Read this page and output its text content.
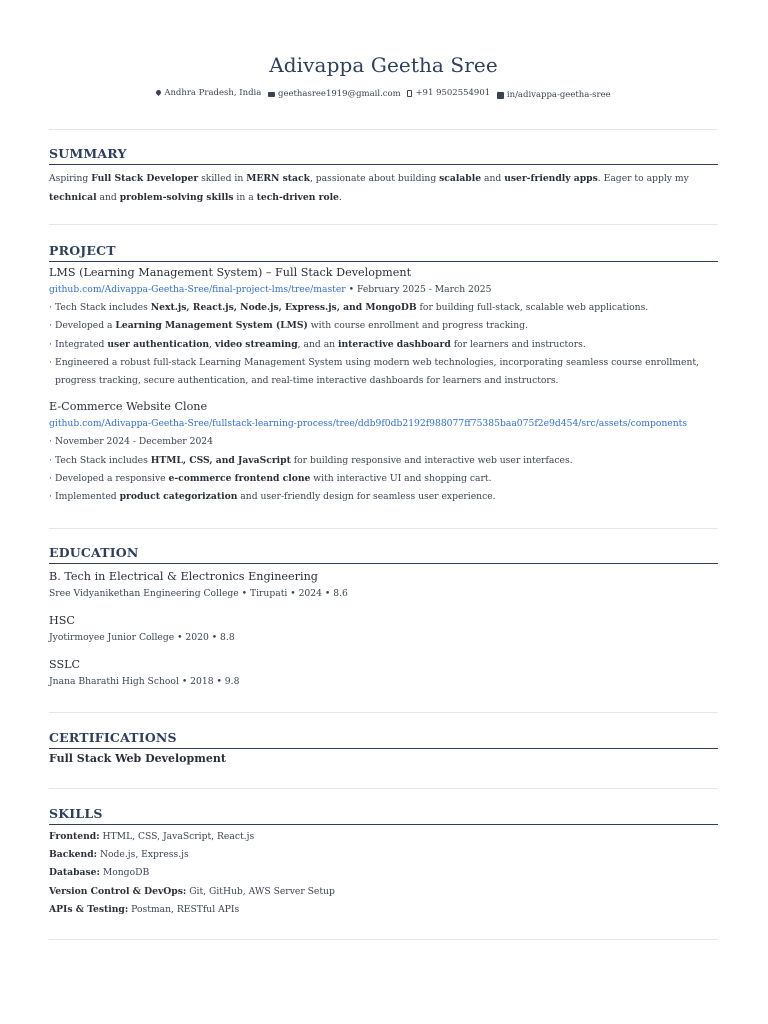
Adivappa Geetha Sree
Andhra Pradesh, India
geethasree1919@gmail.com
+91 9502554901
in in/adivappa-geetha-sree
SUMMARY
Aspiring Full Stack Developer skilled in MERN stack, passionate about building scalable and user-friendly apps. Eager to apply my technical and problem-solving skills in a tech-driven role.
PROJECT
LMS (Learning Management System) – Full Stack Development
github.com/Adivappa-Geetha-Sree/final-project-lms/tree/master • February 2025 - March 2025
· Tech Stack includes Next.js, React.js, Node.js, Express.js, and MongoDB for building full-stack, scalable web applications.
· Developed a Learning Management System (LMS) with course enrollment and progress tracking.
· Integrated user authentication, video streaming, and an interactive dashboard for learners and instructors.
· Engineered a robust full-stack Learning Management System using modern web technologies, incorporating seamless course enrollment,
progress tracking, secure authentication, and real-time interactive dashboards for learners and instructors.
E-Commerce Website Clone
github.com/Adivappa-Geetha-Sree/fullstack-learning-process/tree/ddb9f0db2192f988077ff75385baa075f2e9d454/src/assets/components
· November 2024 - December 2024
· Tech Stack includes HTML, CSS, and JavaScript for building responsive and interactive web user interfaces.
· Developed a responsive e-commerce frontend clone with interactive UI and shopping cart.
· Implemented product categorization and user-friendly design for seamless user experience.
EDUCATION
B. Tech in Electrical & Electronics Engineering
Sree Vidyanikethan Engineering College • Tirupati • 2024 • 8.6
HSC
Jyotirmoyee Junior College • 2020 • 8.8
SSLC
Jnana Bharathi High School • 2018 • 9.8
CERTIFICATIONS
Full Stack Web Development
SKILLS
Frontend: HTML, CSS, JavaScript, React.js
Backend: Node.js, Express.js
Database: MongoDB
Version Control & DevOps: Git, GitHub, AWS Server Setup
APIs & Testing: Postman, RESTful APIs
